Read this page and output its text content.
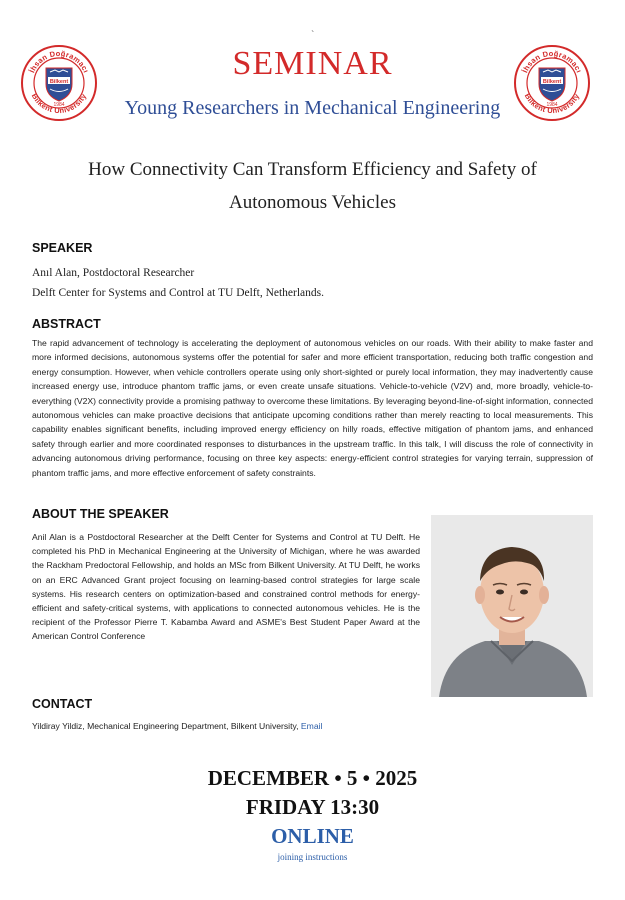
`
İhsan Doğramacı
Bilkent University
Bilkent
1984
İhsan Doğramacı
Bilkent University
Bilkent
1984
SEMINAR
Young Researchers in Mechanical Engineering
How Connectivity Can Transform Efficiency and Safety of
Autonomous Vehicles
SPEAKER
Anıl Alan, Postdoctoral Researcher
Delft Center for Systems and Control at TU Delft, Netherlands.
ABSTRACT
The rapid advancement of technology is accelerating the deployment of autonomous vehicles on our roads. With their ability to make faster and more informed decisions, autonomous systems offer the potential for safer and more efficient transportation, reducing both traffic congestion and energy consumption. However, when vehicle controllers operate using only short-sighted or purely local information, they may inadvertently cause increased energy use, introduce phantom traffic jams, or even create unsafe situations. Vehicle-to-vehicle (V2V) and, more broadly, vehicle-to-everything (V2X) connectivity provide a promising pathway to overcome these limitations. By leveraging beyond-line-of-sight information, connected autonomous vehicles can make proactive decisions that anticipate upcoming conditions rather than merely reacting to local measurements. This capability enables significant benefits, including improved energy efficiency on hilly roads, effective mitigation of phantom jams, and enhanced safety through earlier and more coordinated responses to disturbances in the upstream traffic. In this talk, I will discuss the role of connectivity in advancing autonomous driving performance, focusing on three key aspects: energy-efficient control strategies for varying terrain, suppression of phantom traffic jams, and more effective enforcement of safety constraints.
ABOUT THE SPEAKER
Anil Alan is a Postdoctoral Researcher at the Delft Center for Systems and Control at TU Delft. He completed his PhD in Mechanical Engineering at the University of Michigan, where he was awarded the Rackham Predoctoral Fellowship, and holds an MSc from Bilkent University. At TU Delft, he works on an ERC Advanced Grant project focusing on learning-based control strategies for large scale systems. His research centers on optimization-based and constrained control methods for energy-efficient and safety-critical systems, with applications to connected autonomous vehicles. He is the recipient of the Professor Pierre T. Kabamba Award and ASME's Best Student Paper Award at the American Control Conference
CONTACT
Yildiray Yildiz, Mechanical Engineering Department, Bilkent University, Email
DECEMBER • 5 • 2025
FRIDAY 13:30
ONLINE
joining instructions
